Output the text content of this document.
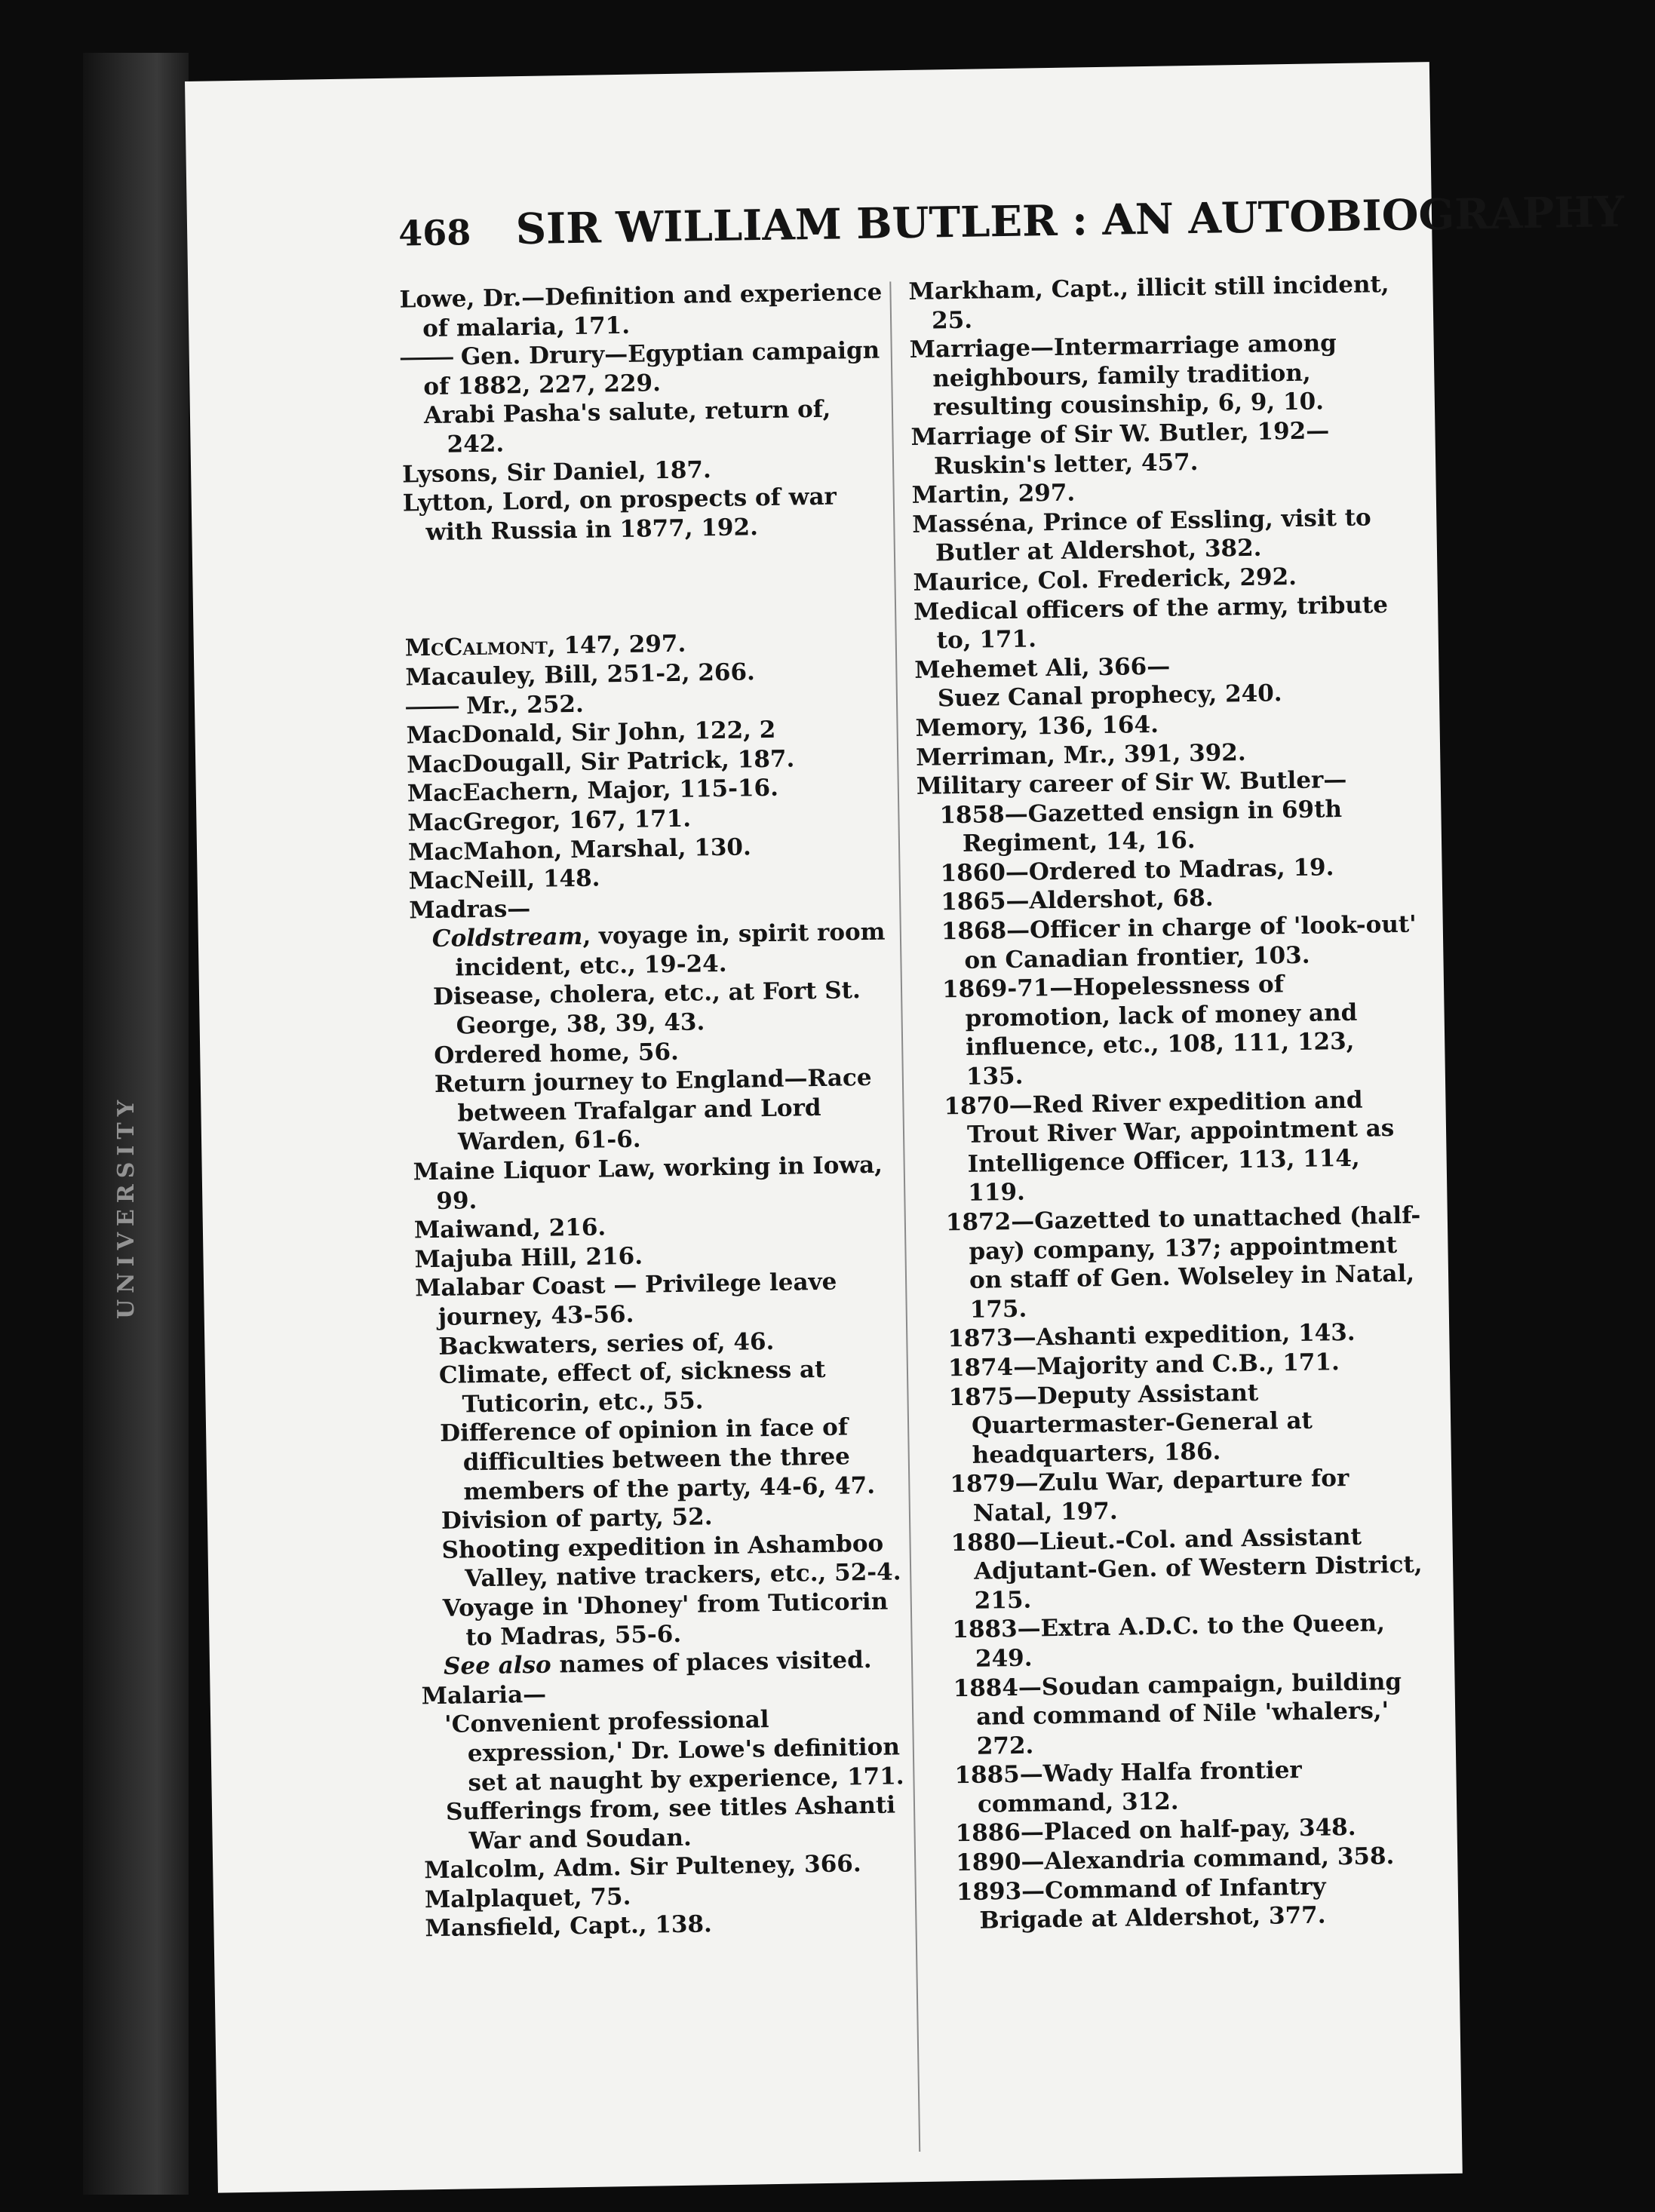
UNIVERSITY
468 SIR WILLIAM BUTLER : AN AUTOBIOGRAPHY
Lowe, Dr.—Definition and experience of malaria, 171.
Gen. Drury—Egyptian campaign of 1882, 227, 229.
Arabi Pasha's salute, return of, 242.
Lysons, Sir Daniel, 187.
Lytton, Lord, on prospects of war with Russia in 1877, 192.
McCalmont, 147, 297.
Macauley, Bill, 251-2, 266.
Mr., 252.
MacDonald, Sir John, 122, 2
MacDougall, Sir Patrick, 187.
MacEachern, Major, 115-16.
MacGregor, 167, 171.
MacMahon, Marshal, 130.
MacNeill, 148.
Madras—
Coldstream, voyage in, spirit room incident, etc., 19-24.
Disease, cholera, etc., at Fort St. George, 38, 39, 43.
Ordered home, 56.
Return journey to England—Race between Trafalgar and Lord Warden, 61-6.
Maine Liquor Law, working in Iowa, 99.
Maiwand, 216.
Majuba Hill, 216.
Malabar Coast — Privilege leave journey, 43-56.
Backwaters, series of, 46.
Climate, effect of, sickness at Tuticorin, etc., 55.
Difference of opinion in face of difficulties between the three members of the party, 44-6, 47.
Division of party, 52.
Shooting expedition in Ashamboo Valley, native trackers, etc., 52-4.
Voyage in 'Dhoney' from Tuticorin to Madras, 55-6.
See also names of places visited.
Malaria—
'Convenient professional expression,' Dr. Lowe's definition set at naught by experience, 171.
Sufferings from, see titles Ashanti War and Soudan.
Malcolm, Adm. Sir Pulteney, 366.
Malplaquet, 75.
Mansfield, Capt., 138.
Markham, Capt., illicit still incident, 25.
Marriage—Intermarriage among neighbours, family tradition, resulting cousinship, 6, 9, 10.
Marriage of Sir W. Butler, 192—
Ruskin's letter, 457.
Martin, 297.
Masséna, Prince of Essling, visit to Butler at Aldershot, 382.
Maurice, Col. Frederick, 292.
Medical officers of the army, tribute to, 171.
Mehemet Ali, 366—
Suez Canal prophecy, 240.
Memory, 136, 164.
Merriman, Mr., 391, 392.
Military career of Sir W. Butler—
1858—Gazetted ensign in 69th Regiment, 14, 16.
1860—Ordered to Madras, 19.
1865—Aldershot, 68.
1868—Officer in charge of 'look-out' on Canadian frontier, 103.
1869-71—Hopelessness of promotion, lack of money and influence, etc., 108, 111, 123, 135.
1870—Red River expedition and Trout River War, appointment as Intelligence Officer, 113, 114, 119.
1872—Gazetted to unattached (half-pay) company, 137; appointment on staff of Gen. Wolseley in Natal, 175.
1873—Ashanti expedition, 143.
1874—Majority and C.B., 171.
1875—Deputy Assistant Quartermaster-General at headquarters, 186.
1879—Zulu War, departure for Natal, 197.
1880—Lieut.-Col. and Assistant Adjutant-Gen. of Western District, 215.
1883—Extra A.D.C. to the Queen, 249.
1884—Soudan campaign, building and command of Nile 'whalers,' 272.
1885—Wady Halfa frontier command, 312.
1886—Placed on half-pay, 348.
1890—Alexandria command, 358.
1893—Command of Infantry Brigade at Aldershot, 377.
